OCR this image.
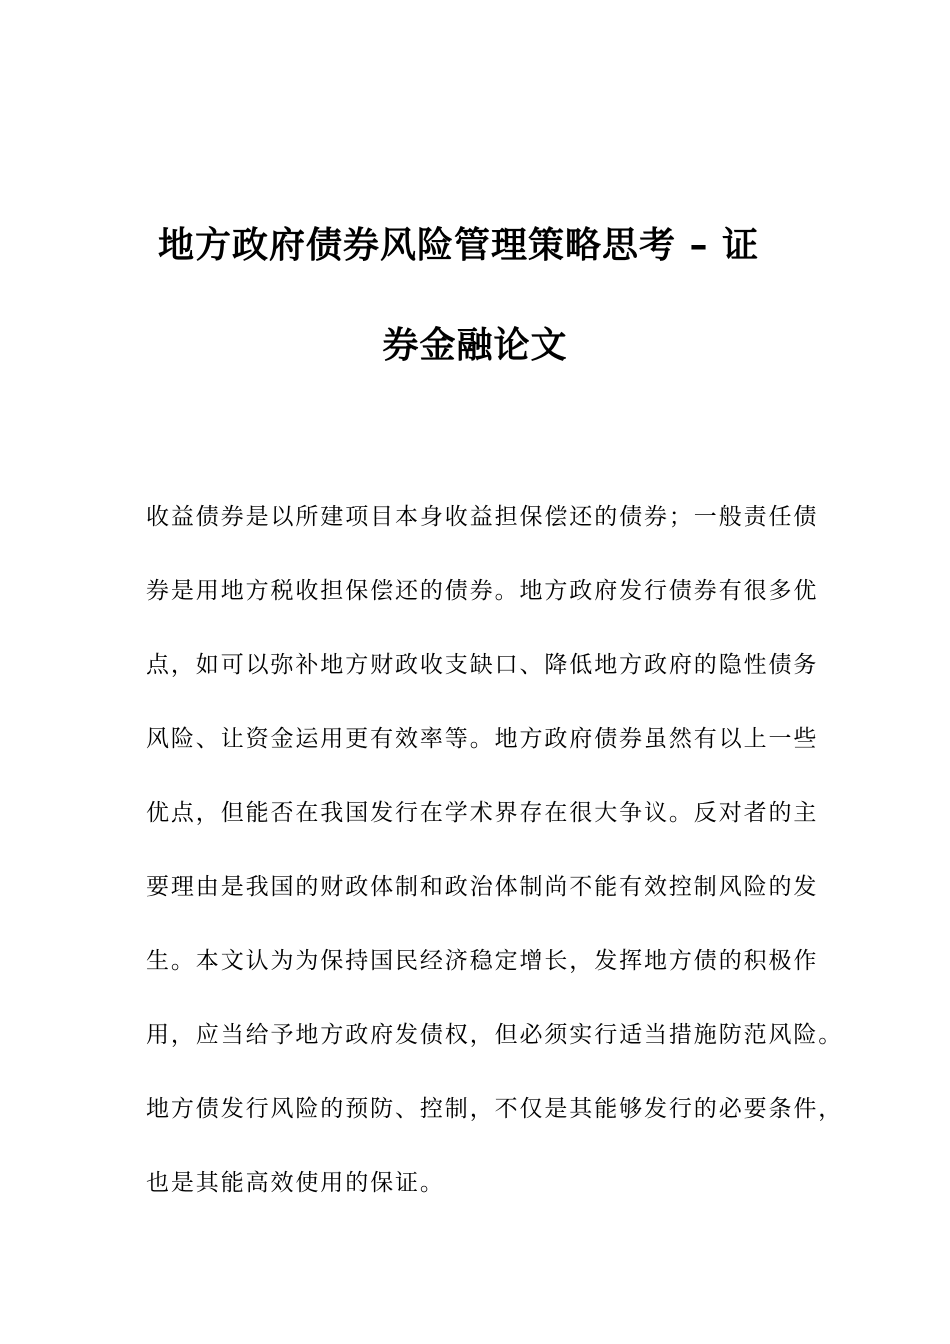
地方政府债券风险管理策略思考 – 证
券金融论文
收益债券是以所建项目本身收益担保偿还的债券；一般责任债
券是用地方税收担保偿还的债券。地方政府发行债券有很多优
点，如可以弥补地方财政收支缺口、降低地方政府的隐性债务
风险、让资金运用更有效率等。地方政府债券虽然有以上一些
优点，但能否在我国发行在学术界存在很大争议。反对者的主
要理由是我国的财政体制和政治体制尚不能有效控制风险的发
生。本文认为为保持国民经济稳定增长，发挥地方债的积极作
用，应当给予地方政府发债权，但必须实行适当措施防范风险。
地方债发行风险的预防、控制，不仅是其能够发行的必要条件，
也是其能高效使用的保证。
